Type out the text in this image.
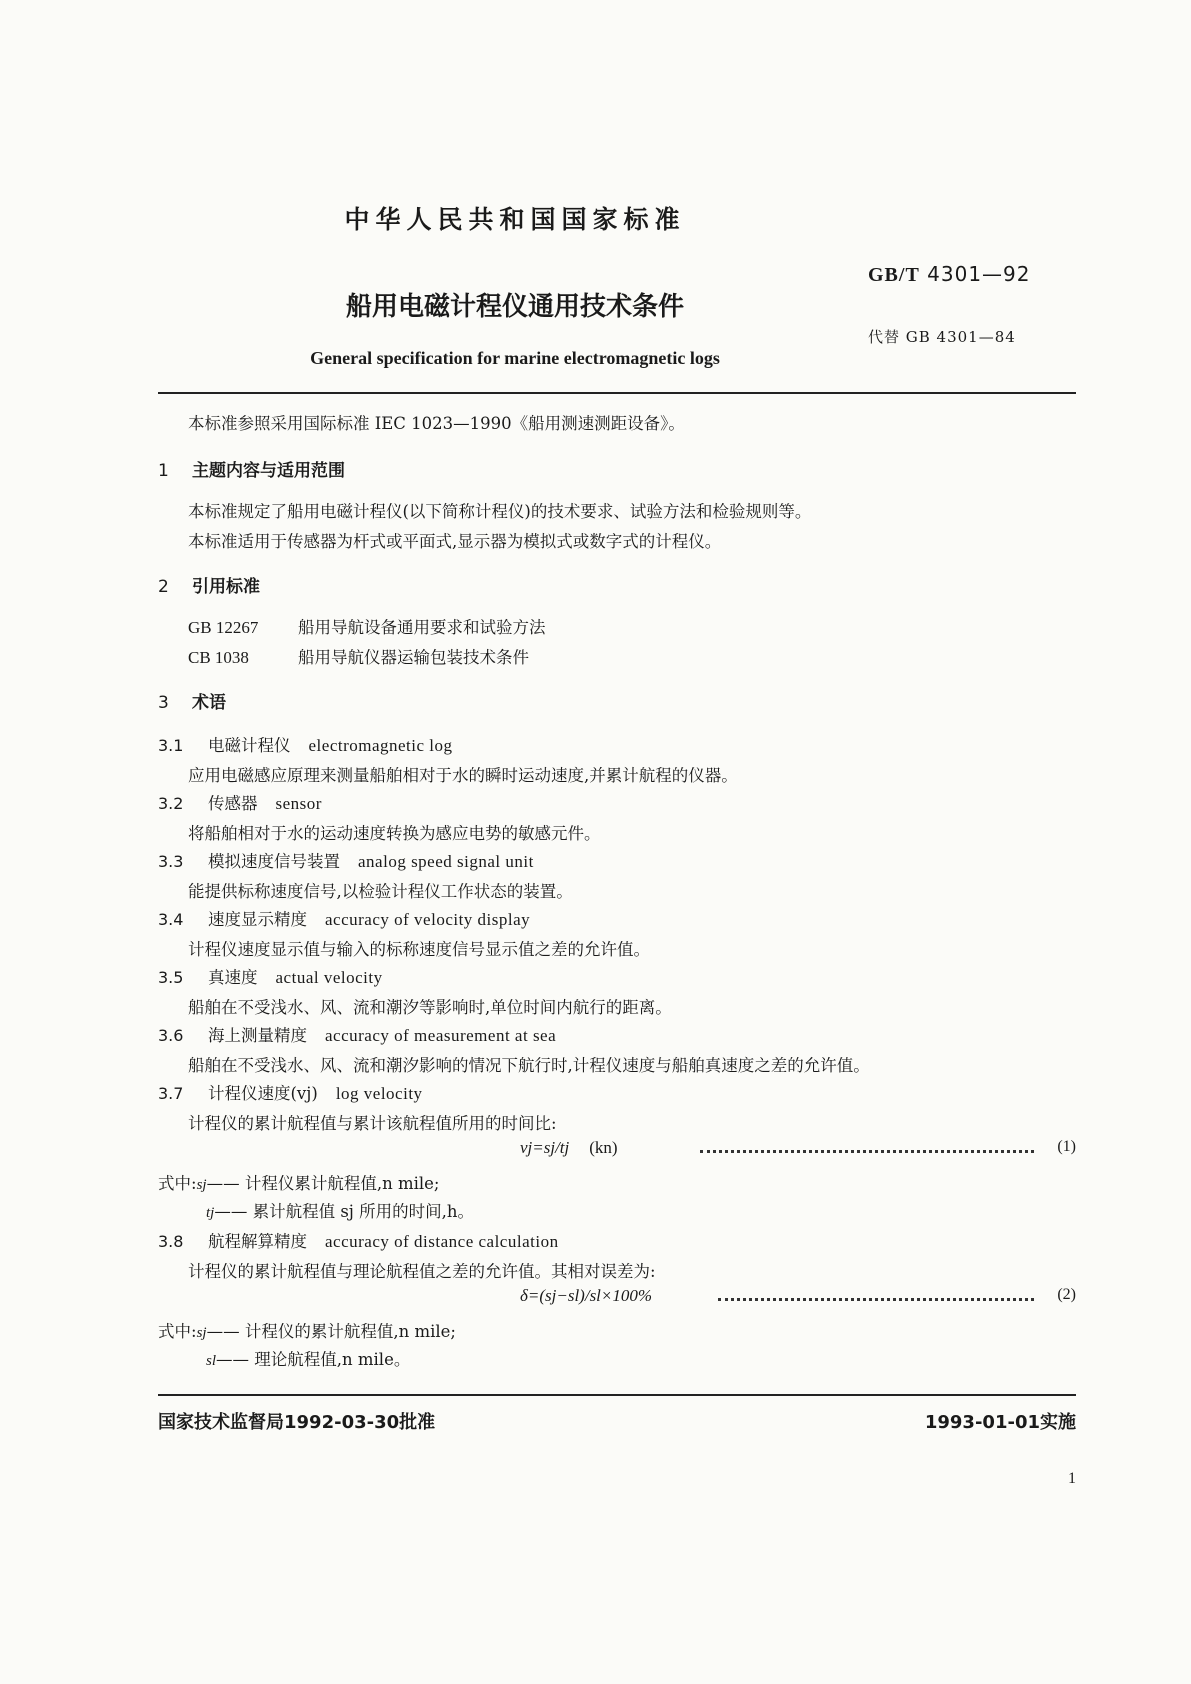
中华人民共和国国家标准
GB/T 4301—92
船用电磁计程仪通用技术条件
代替 GB 4301—84
General specification for marine electromagnetic logs
本标准参照采用国际标准 IEC 1023—1990《船用测速测距设备》。
1 主题内容与适用范围
本标准规定了船用电磁计程仪(以下简称计程仪)的技术要求、试验方法和检验规则等。
本标准适用于传感器为杆式或平面式,显示器为模拟式或数字式的计程仪。
2 引用标准
GB 12267 船用导航设备通用要求和试验方法
CB 1038	船用导航仪器运输包装技术条件
3 术语
3.1 电磁计程仪 electromagnetic log
应用电磁感应原理来测量船舶相对于水的瞬时运动速度,并累计航程的仪器。
3.2 传感器 sensor
将船舶相对于水的运动速度转换为感应电势的敏感元件。
3.3 模拟速度信号装置 analog speed signal unit
能提供标称速度信号,以检验计程仪工作状态的装置。
3.4 速度显示精度 accuracy of velocity display
计程仪速度显示值与输入的标称速度信号显示值之差的允许值。
3.5 真速度 actual velocity
船舶在不受浅水、风、流和潮汐等影响时,单位时间内航行的距离。
3.6 海上测量精度 accuracy of measurement at sea
船舶在不受浅水、风、流和潮汐影响的情况下航行时,计程仪速度与船舶真速度之差的允许值。
3.7 计程仪速度(vj) log velocity
计程仪的累计航程值与累计该航程值所用的时间比:
vj=sj/tj (kn)	(1)
式中:sj—— 计程仪累计航程值,n mile;
tj—— 累计航程值 sj 所用的时间,h。
3.8 航程解算精度 accuracy of distance calculation
计程仪的累计航程值与理论航程值之差的允许值。其相对误差为:
δ=(sj−sl)/sl×100%	(2)
式中:sj—— 计程仪的累计航程值,n mile;
sl—— 理论航程值,n mile。
国家技术监督局1992-03-30批准	1993-01-01实施
1
